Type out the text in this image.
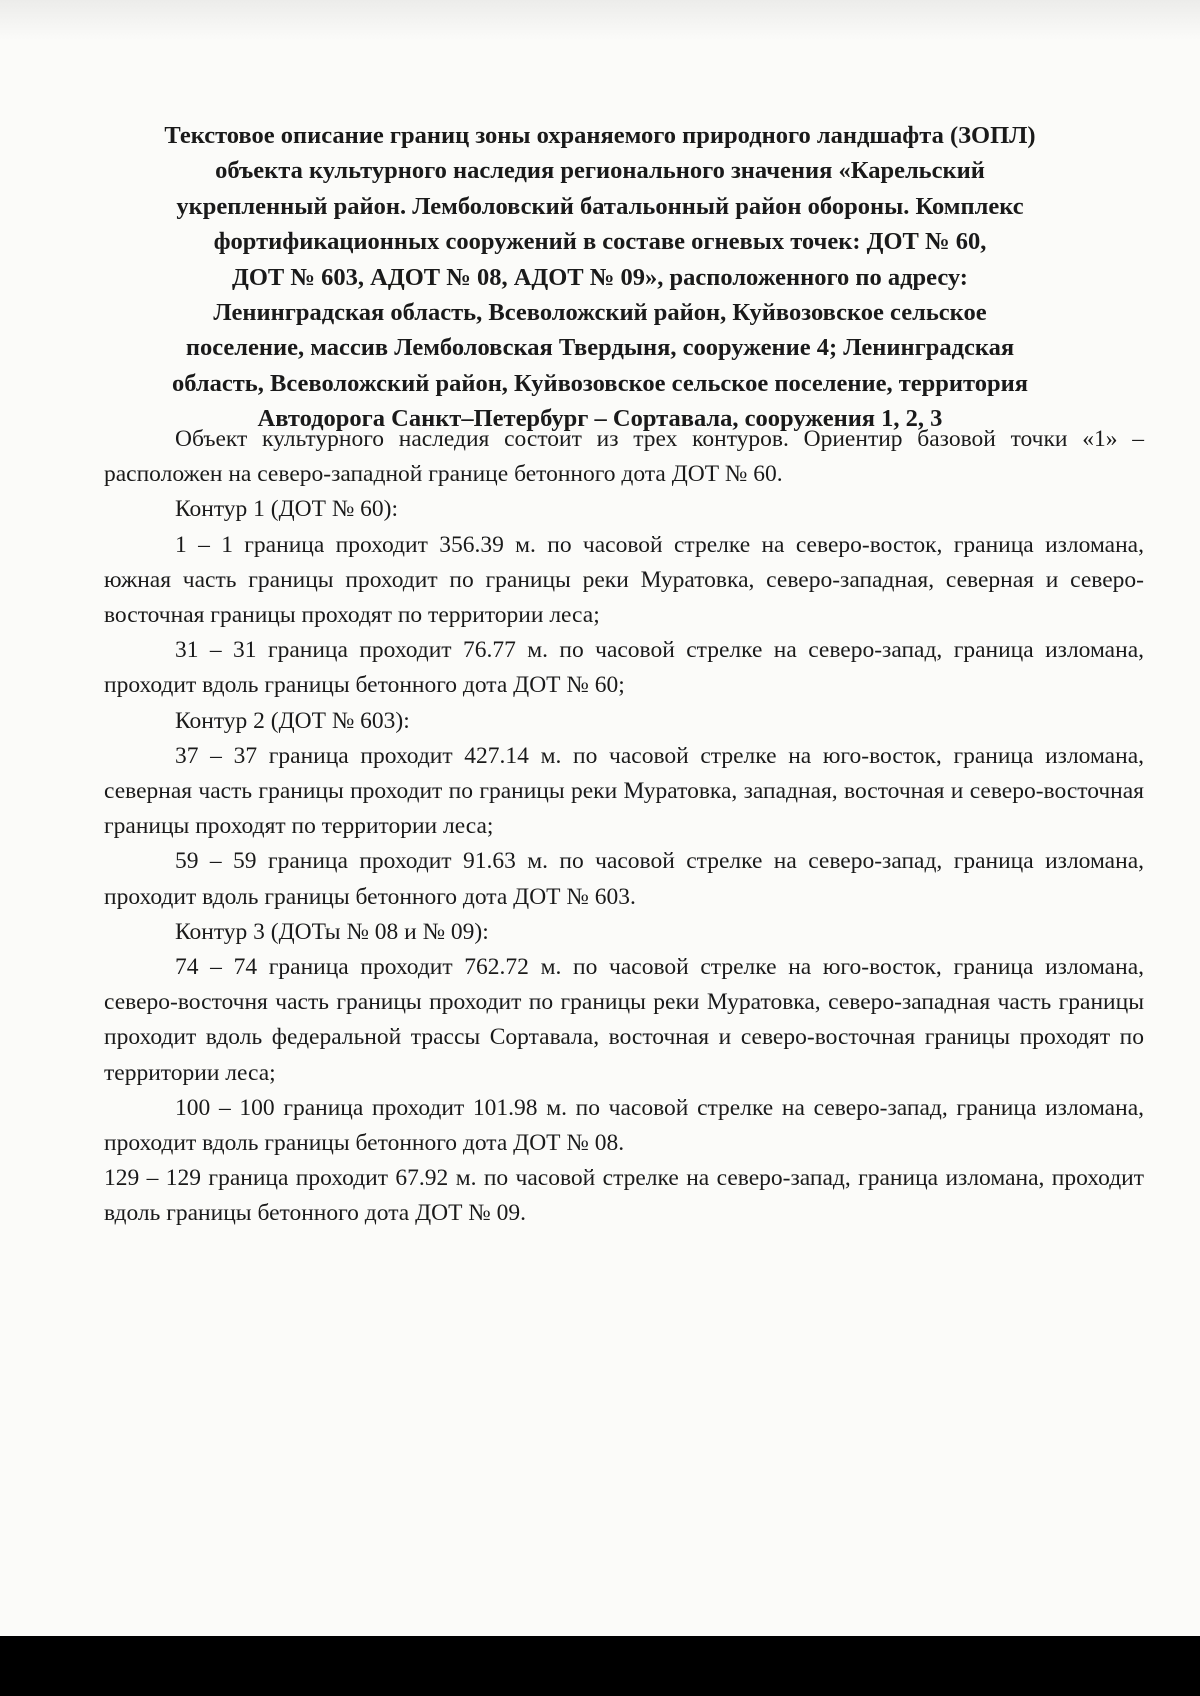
Текстовое описание границ зоны охраняемого природного ландшафта (ЗОПЛ)
объекта культурного наследия регионального значения «Карельский
укрепленный район. Лемболовский батальонный район обороны. Комплекс
фортификационных сооружений в составе огневых точек: ДОТ № 60,
ДОТ № 603, АДОТ № 08, АДОТ № 09», расположенного по адресу:
Ленинградская область, Всеволожский район, Куйвозовское сельское
поселение, массив Лемболовская Твердыня, сооружение 4; Ленинградская
область, Всеволожский район, Куйвозовское сельское поселение, территория
Автодорога Санкт–Петербург – Сортавала, сооружения 1, 2, 3

Объект культурного наследия состоит из трех контуров. Ориентир базовой точки «1» – расположен на северо-западной границе бетонного дота ДОТ № 60.

Контур 1 (ДОТ № 60):

1 – 1 граница проходит 356.39 м. по часовой стрелке на северо-восток, граница изломана, южная часть границы проходит по границы реки Муратовка, северо-западная, северная и северо-восточная границы проходят по территории леса;

31 – 31 граница проходит 76.77 м. по часовой стрелке на северо-запад, граница изломана, проходит вдоль границы бетонного дота ДОТ № 60;

Контур 2 (ДОТ № 603):

37 – 37 граница проходит 427.14 м. по часовой стрелке на юго-восток, граница изломана, северная часть границы проходит по границы реки Муратовка, западная, восточная и северо-восточная границы проходят по территории леса;

59 – 59 граница проходит 91.63 м. по часовой стрелке на северо-запад, граница изломана, проходит вдоль границы бетонного дота ДОТ № 603.

Контур 3 (ДОТы № 08 и № 09):

74 – 74 граница проходит 762.72 м. по часовой стрелке на юго-восток, граница изломана, северо-восточня часть границы проходит по границы реки Муратовка, северо-западная часть границы проходит вдоль федеральной трассы Сортавала, восточная и северо-восточная границы проходят по территории леса;

100 – 100 граница проходит 101.98 м. по часовой стрелке на северо-запад, граница изломана, проходит вдоль границы бетонного дота ДОТ № 08.

129 – 129 граница проходит 67.92 м. по часовой стрелке на северо-запад, граница изломана, проходит вдоль границы бетонного дота ДОТ № 09.
